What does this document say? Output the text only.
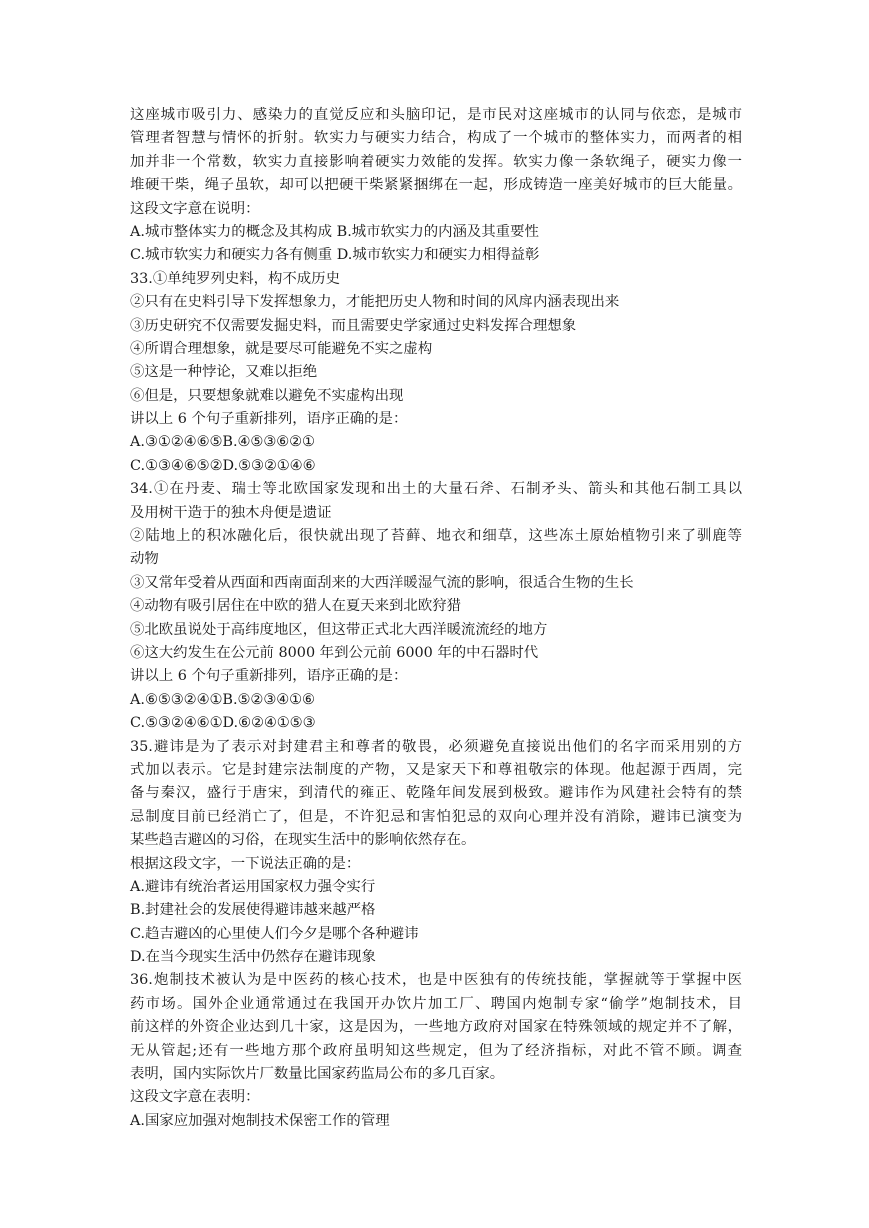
这座城市吸引力、感染力的直觉反应和头脑印记，是市民对这座城市的认同与依恋，是城市
管理者智慧与情怀的折射。软实力与硬实力结合，构成了一个城市的整体实力，而两者的相
加并非一个常数，软实力直接影响着硬实力效能的发挥。软实力像一条软绳子，硬实力像一
堆硬干柴，绳子虽软，却可以把硬干柴紧紧捆绑在一起，形成铸造一座美好城市的巨大能量。
这段文字意在说明：
A.城市整体实力的概念及其构成 B.城市软实力的内涵及其重要性
C.城市软实力和硬实力各有侧重 D.城市软实力和硬实力相得益彰
33.①单纯罗列史料，构不成历史
②只有在史料引导下发挥想象力，才能把历史人物和时间的风戽内涵表现出来
③历史研究不仅需要发掘史料，而且需要史学家通过史料发挥合理想象
④所谓合理想象，就是要尽可能避免不实之虚构
⑤这是一种悖论，又难以拒绝
⑥但是，只要想象就难以避免不实虚构出现
讲以上 6 个句子重新排列，语序正确的是：
A.③①②④⑥⑤B.④⑤③⑥②①
C.①③④⑥⑤②D.⑤③②①④⑥
34.①在丹麦、瑞士等北欧国家发现和出土的大量石斧、石制矛头、箭头和其他石制工具以
及用树干造于的独木舟便是遗证
②陆地上的积冰融化后，很快就出现了苔藓、地衣和细草，这些冻土原始植物引来了驯鹿等
动物
③又常年受着从西面和西南面刮来的大西洋暖湿气流的影响，很适合生物的生长
④动物有吸引居住在中欧的猎人在夏天来到北欧狩猎
⑤北欧虽说处于高纬度地区，但这带正式北大西洋暖流流经的地方
⑥这大约发生在公元前 8000 年到公元前 6000 年的中石器时代
讲以上 6 个句子重新排列，语序正确的是：
A.⑥⑤③②④①B.⑤②③④①⑥
C.⑤③②④⑥①D.⑥②④①⑤③
35.避讳是为了表示对封建君主和尊者的敬畏，必须避免直接说出他们的名字而采用别的方
式加以表示。它是封建宗法制度的产物，又是家天下和尊祖敬宗的体现。他起源于西周，完
备与秦汉，盛行于唐宋，到清代的雍正、乾隆年间发展到极致。避讳作为风建社会特有的禁
忌制度目前已经消亡了，但是，不许犯忌和害怕犯忌的双向心理并没有消除，避讳已演变为
某些趋吉避凶的习俗，在现实生活中的影响依然存在。
根据这段文字，一下说法正确的是：
A.避讳有统治者运用国家权力强令实行
B.封建社会的发展使得避讳越来越严格
C.趋吉避凶的心里使人们今夕是哪个各种避讳
D.在当今现实生活中仍然存在避讳现象
36.炮制技术被认为是中医药的核心技术，也是中医独有的传统技能，掌握就等于掌握中医
药市场。国外企业通常通过在我国开办饮片加工厂、聘国内炮制专家“偷学”炮制技术，目
前这样的外资企业达到几十家，这是因为，一些地方政府对国家在特殊领域的规定并不了解，
无从管起;还有一些地方那个政府虽明知这些规定，但为了经济指标，对此不管不顾。调查
表明，国内实际饮片厂数量比国家药监局公布的多几百家。
这段文字意在表明：
A.国家应加强对炮制技术保密工作的管理
